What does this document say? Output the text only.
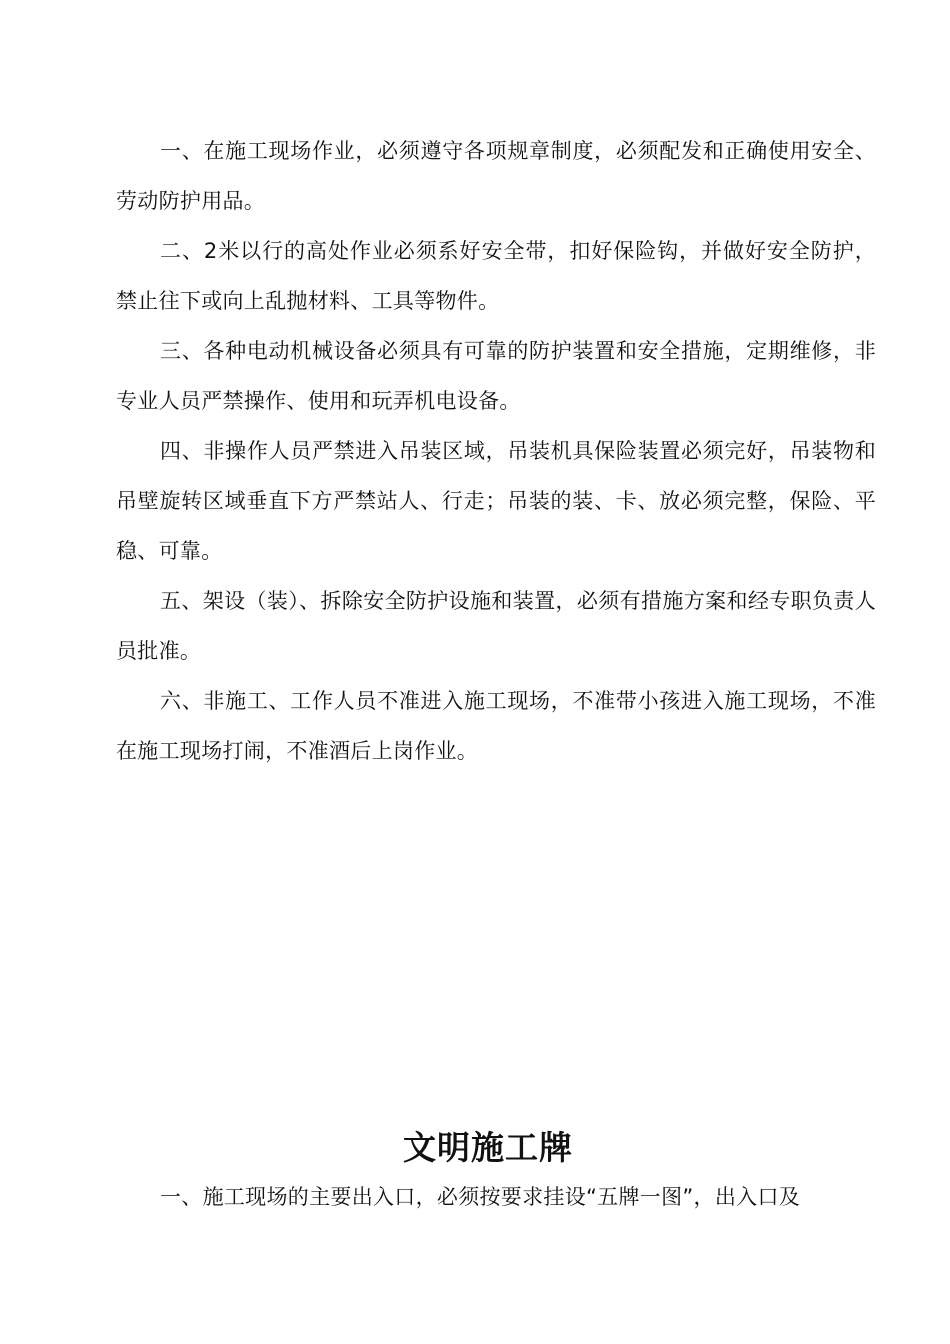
一、在施工现场作业，必须遵守各项规章制度，必须配发和正确使用安全、劳动防护用品。

二、2米以行的高处作业必须系好安全带，扣好保险钩，并做好安全防护，禁止往下或向上乱抛材料、工具等物件。

三、各种电动机械设备必须具有可靠的防护装置和安全措施，定期维修，非专业人员严禁操作、使用和玩弄机电设备。

四、非操作人员严禁进入吊装区域，吊装机具保险装置必须完好，吊装物和吊壁旋转区域垂直下方严禁站人、行走；吊装的装、卡、放必须完整，保险、平稳、可靠。

五、架设（装）、拆除安全防护设施和装置，必须有措施方案和经专职负责人员批准。

六、非施工、工作人员不准进入施工现场，不准带小孩进入施工现场，不准在施工现场打闹，不准酒后上岗作业。

文明施工牌

一、施工现场的主要出入口，必须按要求挂设“五牌一图”，出入口及
